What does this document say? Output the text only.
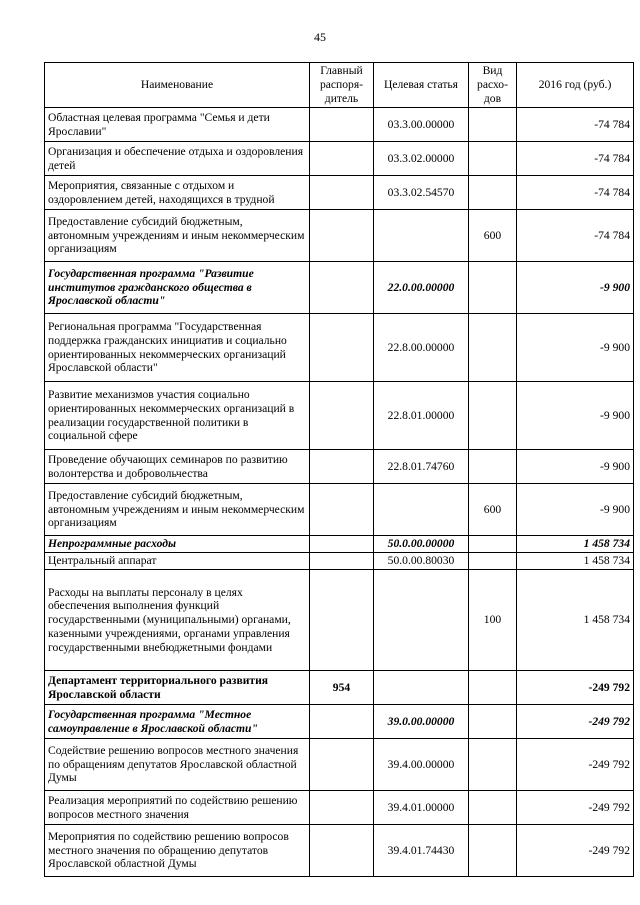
45
Наименование	Главный распоря- дитель	Целевая статья	Вид расхо- дов	2016 год (руб.)
Областная целевая программа "Семья и дети Ярославии"		03.3.00.00000		-74 784
Организация и обеспечение отдыха и оздоровления детей		03.3.02.00000		-74 784
Мероприятия, связанные с отдыхом и оздоровлением детей, находящихся в трудной		03.3.02.54570		-74 784
Предоставление субсидий бюджетным, автономным учреждениям и иным некоммерческим организациям			600	-74 784
Государственная программа "Развитие институтов гражданского общества в Ярославской области"		22.0.00.00000		-9 900
Региональная программа "Государственная поддержка гражданских инициатив и социально ориентированных некоммерческих организаций Ярославской области"		22.8.00.00000		-9 900
Развитие механизмов участия социально ориентированных некоммерческих организаций в реализации государственной политики в социальной сфере		22.8.01.00000		-9 900
Проведение обучающих семинаров по развитию волонтерства и добровольчества		22.8.01.74760		-9 900
Предоставление субсидий бюджетным, автономным учреждениям и иным некоммерческим организациям			600	-9 900
Непрограммные расходы		50.0.00.00000		1 458 734
Центральный аппарат		50.0.00.80030		1 458 734
Расходы на выплаты персоналу в целях обеспечения выполнения функций государственными (муниципальными) органами, казенными учреждениями, органами управления государственными внебюджетными фондами			100	1 458 734
Департамент территориального развития Ярославской области	954			-249 792
Государственная программа "Местное самоуправление в Ярославской области"		39.0.00.00000		-249 792
Содействие решению вопросов местного значения по обращениям депутатов Ярославской областной Думы		39.4.00.00000		-249 792
Реализация мероприятий по содействию решению вопросов местного значения		39.4.01.00000		-249 792
Мероприятия по содействию решению вопросов местного значения по обращению депутатов Ярославской областной Думы		39.4.01.74430		-249 792
